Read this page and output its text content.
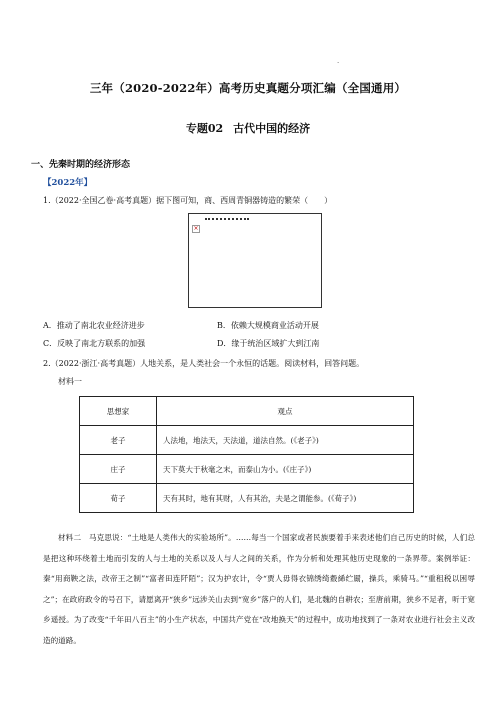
.
三年（2020-2022年）高考历史真题分项汇编（全国通用）
专题02 古代中国的经济
一、先秦时期的经济形态
【2022年】
1.（2022·全国乙卷·高考真题）据下图可知，商、西周青铜器铸造的繁荣（　　）
×
A．推动了南北农业经济进步	B．依赖大规模商业活动开展
C．反映了南北方联系的加强	D．缘于统治区域扩大到江南
2.（2022·浙江·高考真题）人地关系，是人类社会一个永恒的话题。阅读材料，回答问题。
材料一
思想家	观点
老子	人法地，地法天，天法道，道法自然。(《老子》)
庄子	天下莫大于秋毫之末，而泰山为小。(《庄子》)
荀子	天有其时，地有其财，人有其治，夫是之谓能参。(《荀子》)
材料二　马克思说：“土地是人类伟大的实验场所”。……每当一个国家或者民族要着手来表述他们自己历史的时候，人们总是把这种环绕着土地而引发的人与土地的关系以及人与人之间的关系，作为分析和处理其他历史现象的一条界带。案例举证：秦“用商鞅之法，改帝王之制”“富者田连阡陌”；汉为护农计，令“贾人毋得衣锦绣绮縠絺纻罽，操兵，乘骑马。”“重租税以困辱之”；在政府政令的号召下，请愿离开“狭乡”远涉关山去到“宽乡”落户的人们，是北魏的自耕农；至唐前期，狭乡不足者，听于宽乡遥授。为了改变“千年田八百主”的小生产状态，中国共产党在“改地换天”的过程中，成功地找到了一条对农业进行社会主义改造的道路。
